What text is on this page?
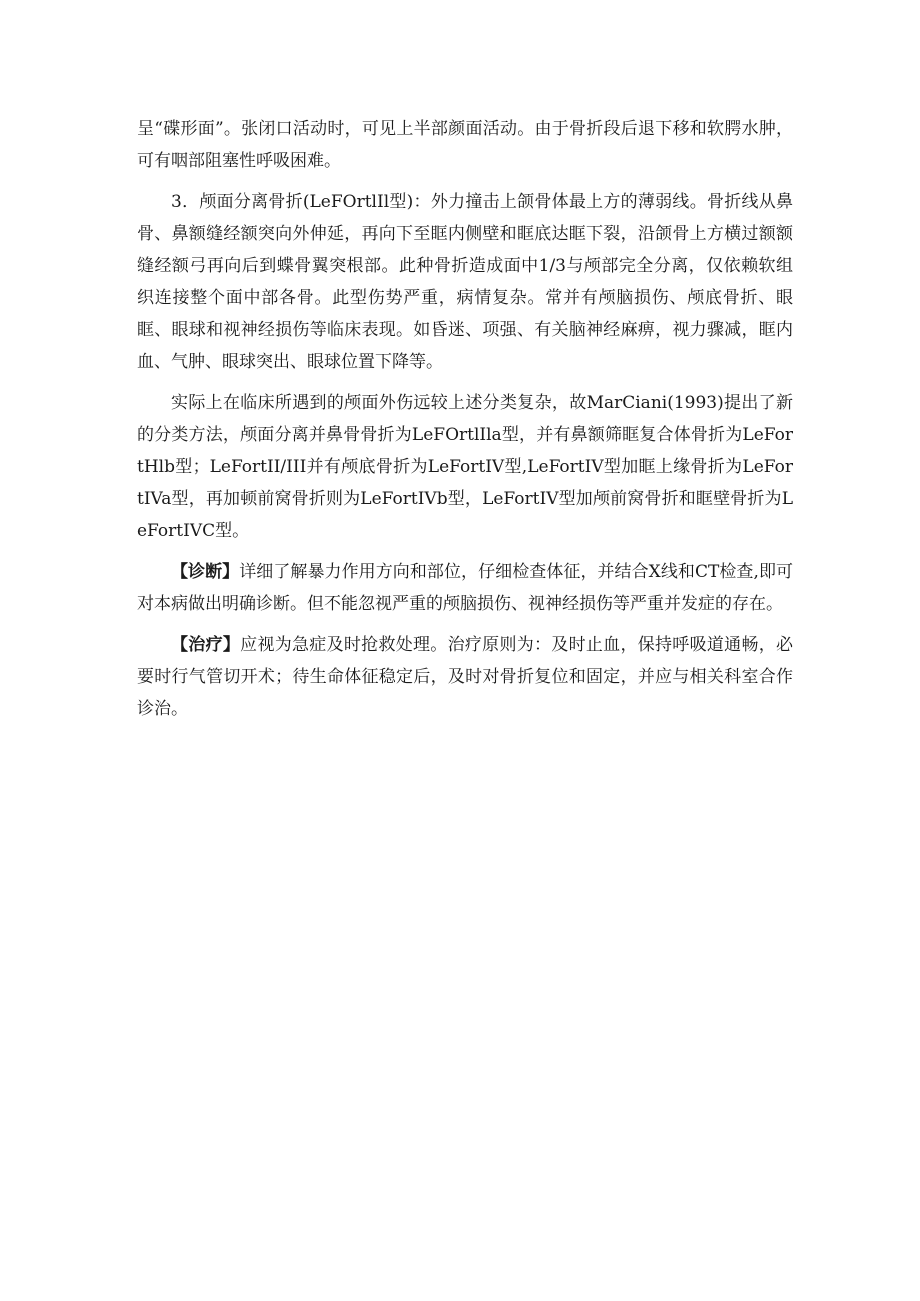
呈“碟形面”。张闭口活动时，可见上半部颜面活动。由于骨折段后退下移和软腭水肿，可有咽部阻塞性呼吸困难。

3．颅面分离骨折(LeFOrtlIl型)：外力撞击上颌骨体最上方的薄弱线。骨折线从鼻骨、鼻额缝经额突向外伸延，再向下至眶内侧壁和眶底达眶下裂，沿颌骨上方横过额额缝经额弓再向后到蝶骨翼突根部。此种骨折造成面中1/3与颅部完全分离，仅依赖软组织连接整个面中部各骨。此型伤势严重，病情复杂。常并有颅脑损伤、颅底骨折、眼眶、眼球和视神经损伤等临床表现。如昏迷、项强、有关脑神经麻痹，视力骤减，眶内血、气肿、眼球突出、眼球位置下降等。

实际上在临床所遇到的颅面外伤远较上述分类复杂，故MarCiani(1993)提出了新的分类方法，颅面分离并鼻骨骨折为LeFOrtlIla型，并有鼻额筛眶复合体骨折为LeFortHlb型；LeFortII/III并有颅底骨折为LeFortIV型,LeFortIV型加眶上缘骨折为LeFortIVa型，再加顿前窝骨折则为LeFortIVb型，LeFortIV型加颅前窝骨折和眶壁骨折为LeFortIVC型。

【诊断】详细了解暴力作用方向和部位，仔细检查体征，并结合X线和CT检查,即可对本病做出明确诊断。但不能忽视严重的颅脑损伤、视神经损伤等严重并发症的存在。

【治疗】应视为急症及时抢救处理。治疗原则为：及时止血，保持呼吸道通畅，必要时行气管切开术；待生命体征稳定后，及时对骨折复位和固定，并应与相关科室合作诊治。
